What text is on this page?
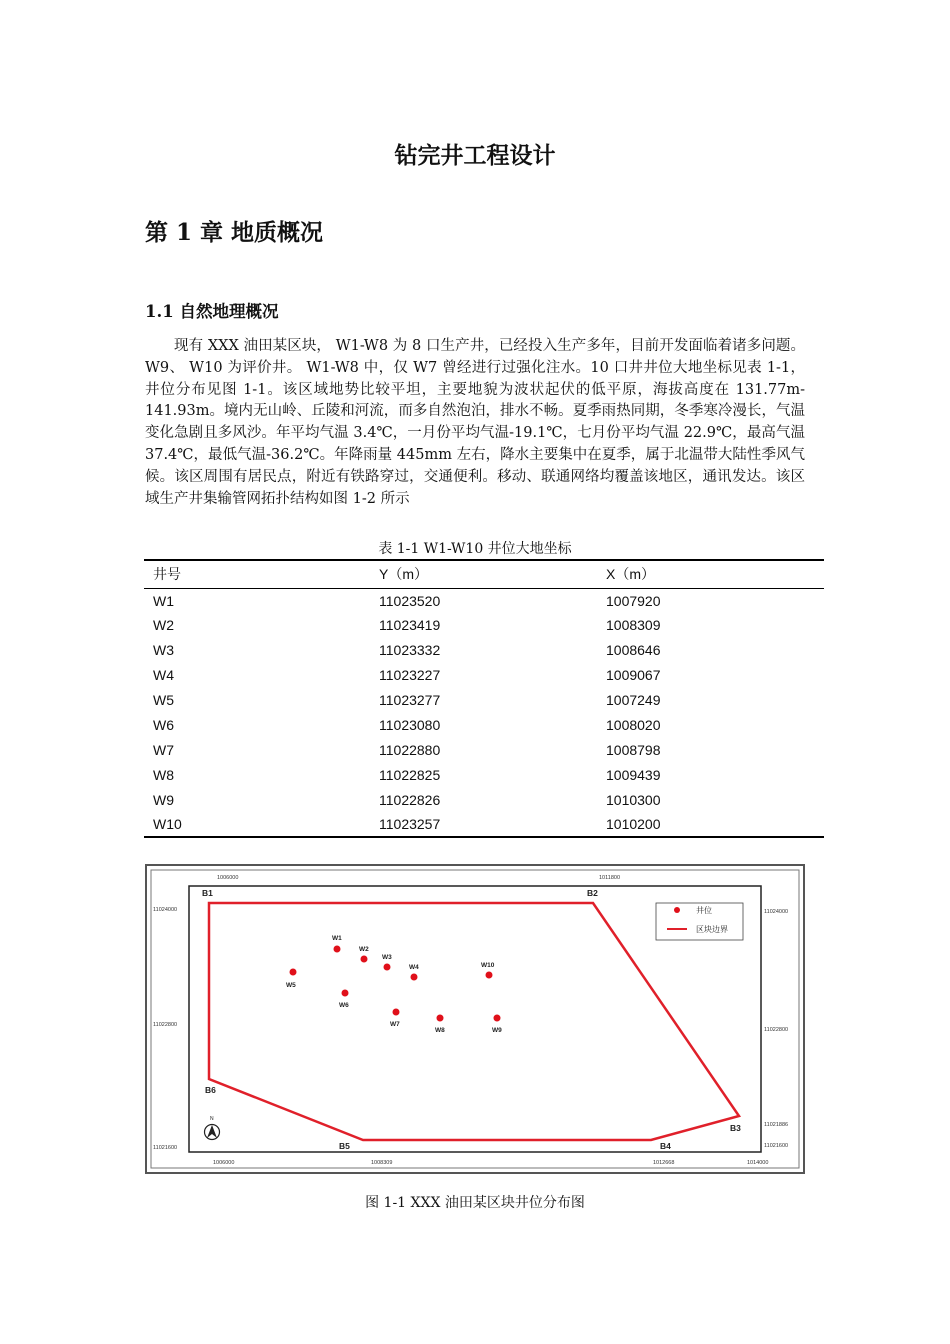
钻完井工程设计
第 1 章 地质概况
1.1 自然地理概况

现有 XXX 油田某区块， W1-W8 为 8 口生产井，已经投入生产多年，目前开发面临着诸多问题。 W9、 W10 为评价井。 W1-W8 中，仅 W7 曾经进行过强化注水。10 口井井位大地坐标见表 1-1，井位分布见图 1-1。该区域地势比较平坦，主要地貌为波状起伏的低平原，海拔高度在 131.77m-141.93m。境内无山岭、丘陵和河流，而多自然泡泊，排水不畅。夏季雨热同期，冬季寒冷漫长，气温变化急剧且多风沙。年平均气温 3.4℃，一月份平均气温-19.1℃，七月份平均气温 22.9℃，最高气温 37.4℃，最低气温-36.2℃。年降雨量 445mm 左右，降水主要集中在夏季，属于北温带大陆性季风气候。该区周围有居民点，附近有铁路穿过，交通便利。移动、联通网络均覆盖该地区，通讯发达。该区域生产井集输管网拓扑结构如图 1-2 所示

表 1-1 W1-W10 井位大地坐标
井号	Y（m）	X（m）
W1	11023520	1007920
W2	11023419	1008309
W3	11023332	1008646
W4	11023227	1009067
W5	11023277	1007249
W6	11023080	1008020
W7	11022880	1008798
W8	11022825	1009439
W9	11022826	1010300
W10	11023257	1010200
1006000	1011800
1006000	1008309	1012668	1014000
11024000
11022800
11021600
11024000
11022800
11021886
11021600
B1	B2
B3
B4
B5
B6
W1
W2
W3
W4
W5
W6
W7
W8	W9
W10
井位
区块边界
N
图 1-1 XXX 油田某区块井位分布图
